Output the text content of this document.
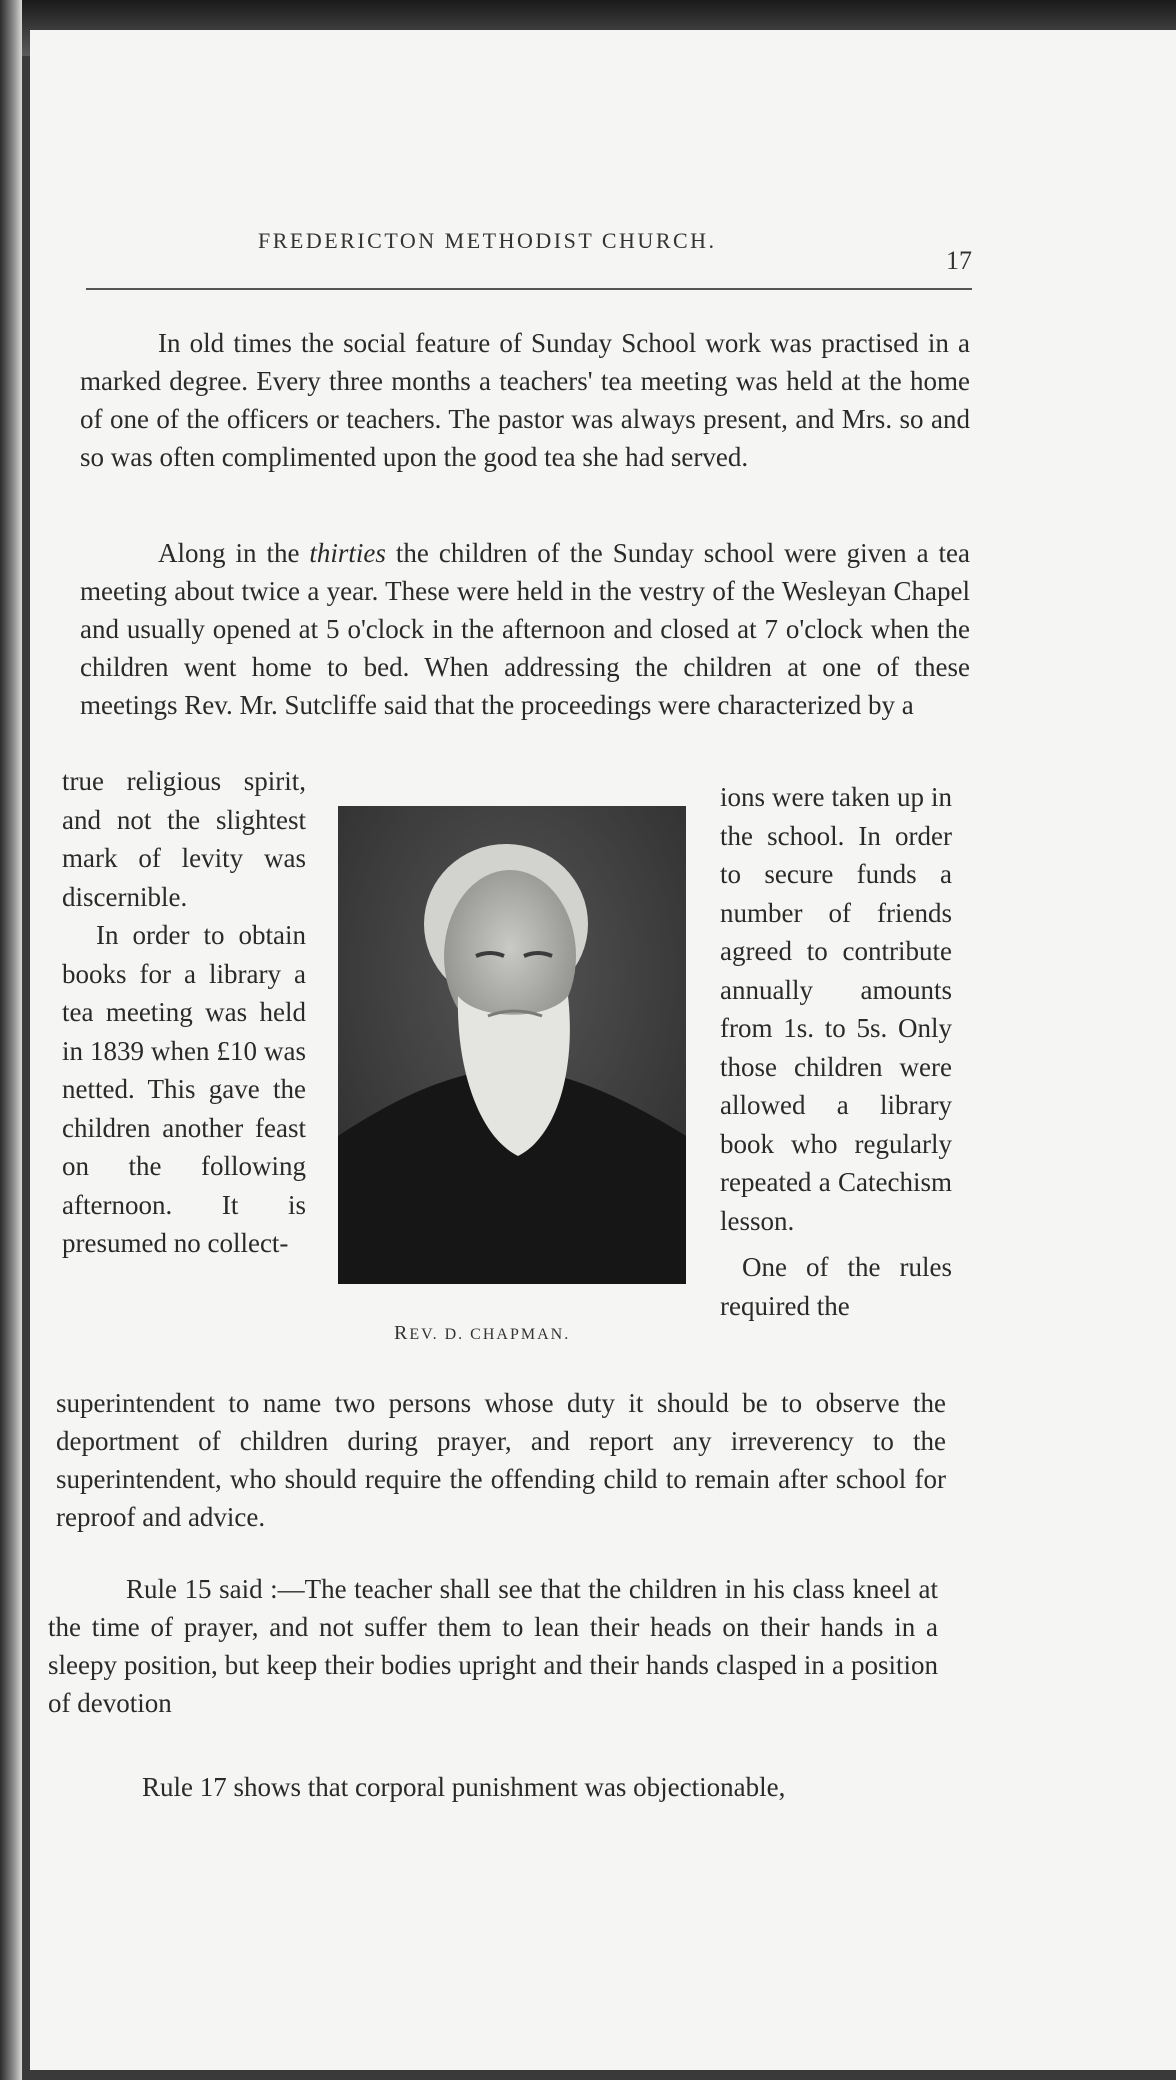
FREDERICTON METHODIST CHURCH.
17
In old times the social feature of Sunday School work was practised in a marked degree. Every three months a teachers' tea meeting was held at the home of one of the officers or teachers. The pastor was always present, and Mrs. so and so was often complimented upon the good tea she had served.
Along in the thirties the children of the Sunday school were given a tea meeting about twice a year. These were held in the vestry of the Wesleyan Chapel and usually opened at 5 o'clock in the afternoon and closed at 7 o'clock when the children went home to bed. When addressing the children at one of these meetings Rev. Mr. Sutcliffe said that the proceedings were characterized by a
true religious spirit, and not the slightest mark of levity was discernible.
In order to obtain books for a library a tea meeting was held in 1839 when £10 was netted. This gave the children another feast on the following afternoon. It is presumed no collect-
REV. D. CHAPMAN.
ions were taken up in the school. In order to secure funds a number of friends agreed to contribute annually amounts from 1s. to 5s. Only those children were allowed a library book who regularly repeated a Catechism lesson.
One of the rules required the
superintendent to name two persons whose duty it should be to observe the deportment of children during prayer, and report any irreverency to the superintendent, who should require the offending child to remain after school for reproof and advice.
Rule 15 said :—The teacher shall see that the children in his class kneel at the time of prayer, and not suffer them to lean their heads on their hands in a sleepy position, but keep their bodies upright and their hands clasped in a position of devotion
Rule 17 shows that corporal punishment was objectionable,
